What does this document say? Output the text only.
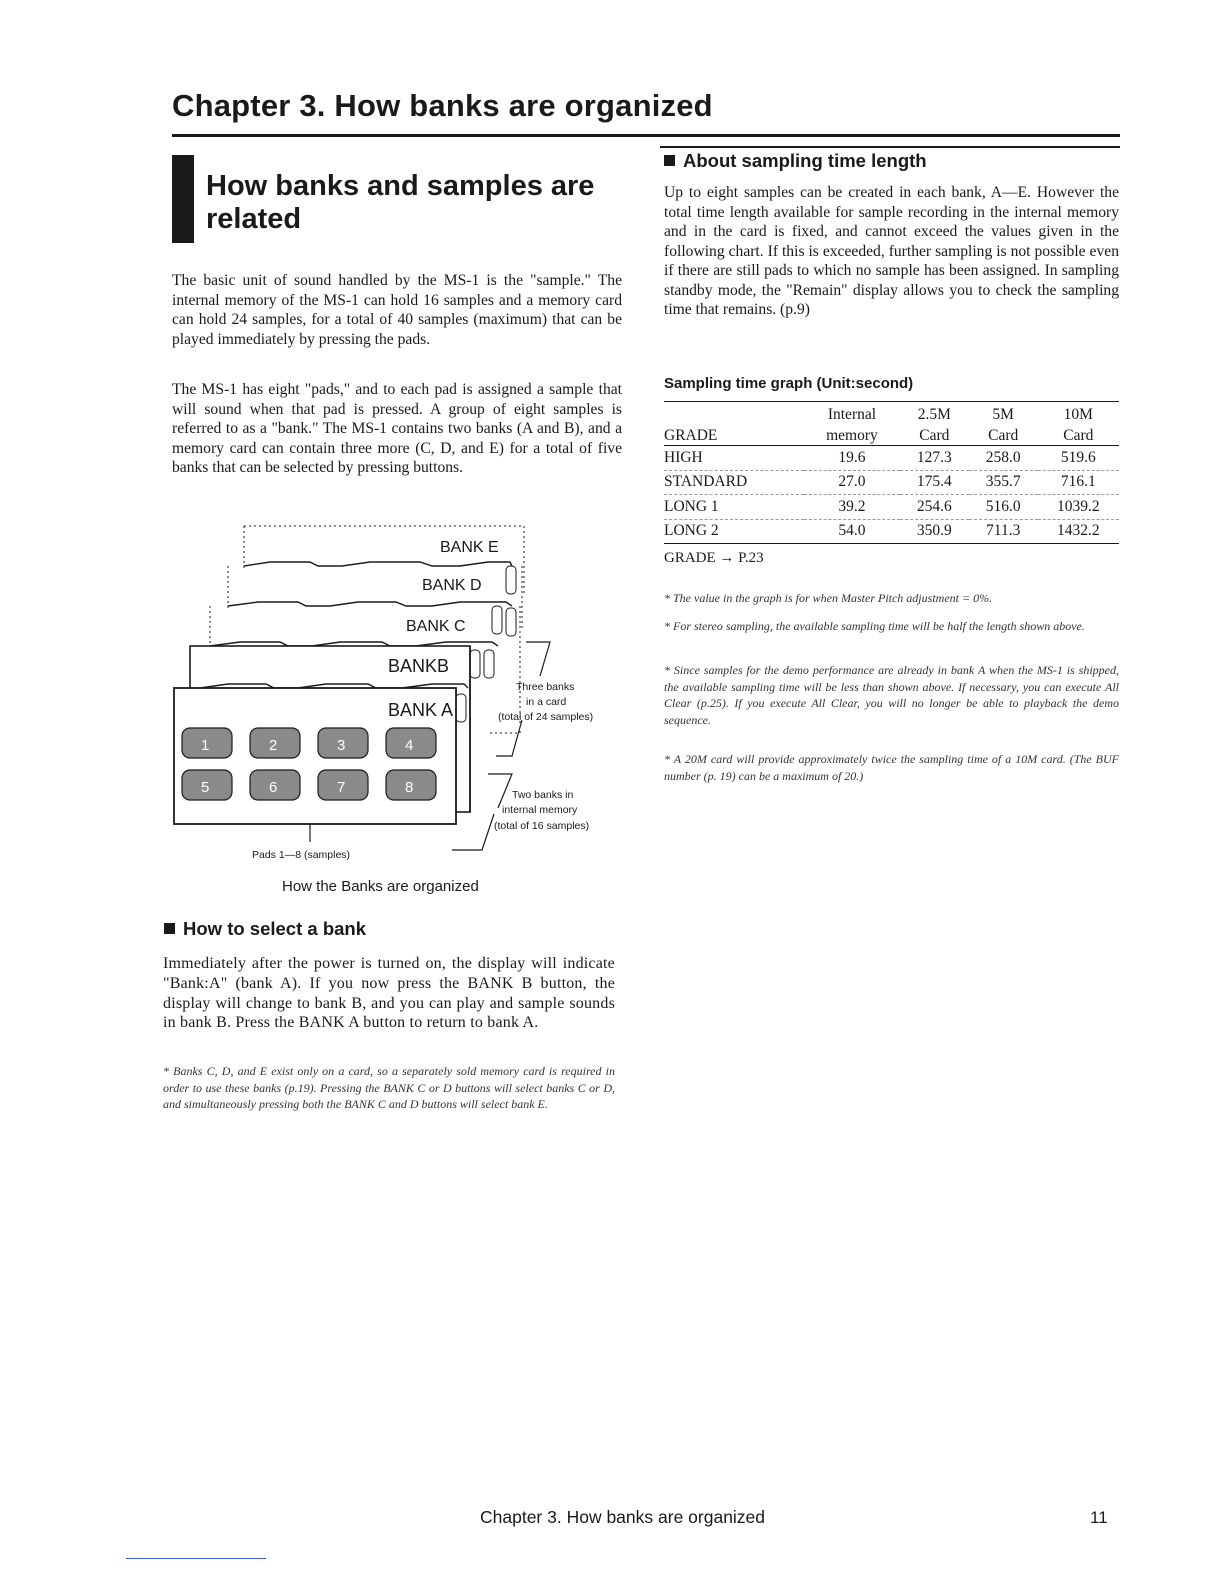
Chapter 3. How banks are organized
How banks and samples are related

The basic unit of sound handled by the MS-1 is the "sample." The internal memory of the MS-1 can hold 16 samples and a memory card can hold 24 samples, for a total of 40 samples (maximum) that can be played immediately by pressing the pads.

The MS-1 has eight "pads," and to each pad is assigned a sample that will sound when that pad is pressed. A group of eight samples is referred to as a "bank." The MS-1 contains two banks (A and B), and a memory card can contain three more (C, D, and E) for a total of five banks that can be selected by pressing buttons.

BANK E
BANK D
BANK C
BANKB
BANK A
1	2	3	4
5	6	7	8
Three banks
in a card
(total of 24 samples)
Two banks in
internal memory
(total of 16 samples)
Pads 1—8 (samples)
How the Banks are organized
How to select a bank

Immediately after the power is turned on, the display will indicate "Bank:A" (bank A). If you now press the BANK B button, the display will change to bank B, and you can play and sample sounds in bank B. Press the BANK A button to return to bank A.

* Banks C, D, and E exist only on a card, so a separately sold memory card is required in order to use these banks (p.19). Pressing the BANK C or D buttons will select banks C or D, and simultaneously pressing both the BANK C and D buttons will select bank E.

About sampling time length

Up to eight samples can be created in each bank, A—E. However the total time length available for sample recording in the internal memory and in the card is fixed, and cannot exceed the values given in the following chart. If this is exceeded, further sampling is not possible even if there are still pads to which no sample has been assigned. In sampling standby mode, the "Remain" display allows you to check the sampling time that remains. (p.9)

Sampling time graph (Unit:second)

	Internal	2.5M	5M	10M
GRADE	memory	Card	Card	Card
HIGH	19.6	127.3	258.0	519.6
STANDARD	27.0	175.4	355.7	716.1
LONG 1	39.2	254.6	516.0	1039.2
LONG 2	54.0	350.9	711.3	1432.2

GRADE → P.23

* The value in the graph is for when Master Pitch adjustment = 0%.

* For stereo sampling, the available sampling time will be half the length shown above.

* Since samples for the demo performance are already in bank A when the MS-1 is shipped, the available sampling time will be less than shown above. If necessary, you can execute All Clear (p.25). If you execute All Clear, you will no longer be able to playback the demo sequence.

* A 20M card will provide approximately twice the sampling time of a 10M card. (The BUF number (p. 19) can be a maximum of 20.)

Chapter 3. How banks are organized	11
